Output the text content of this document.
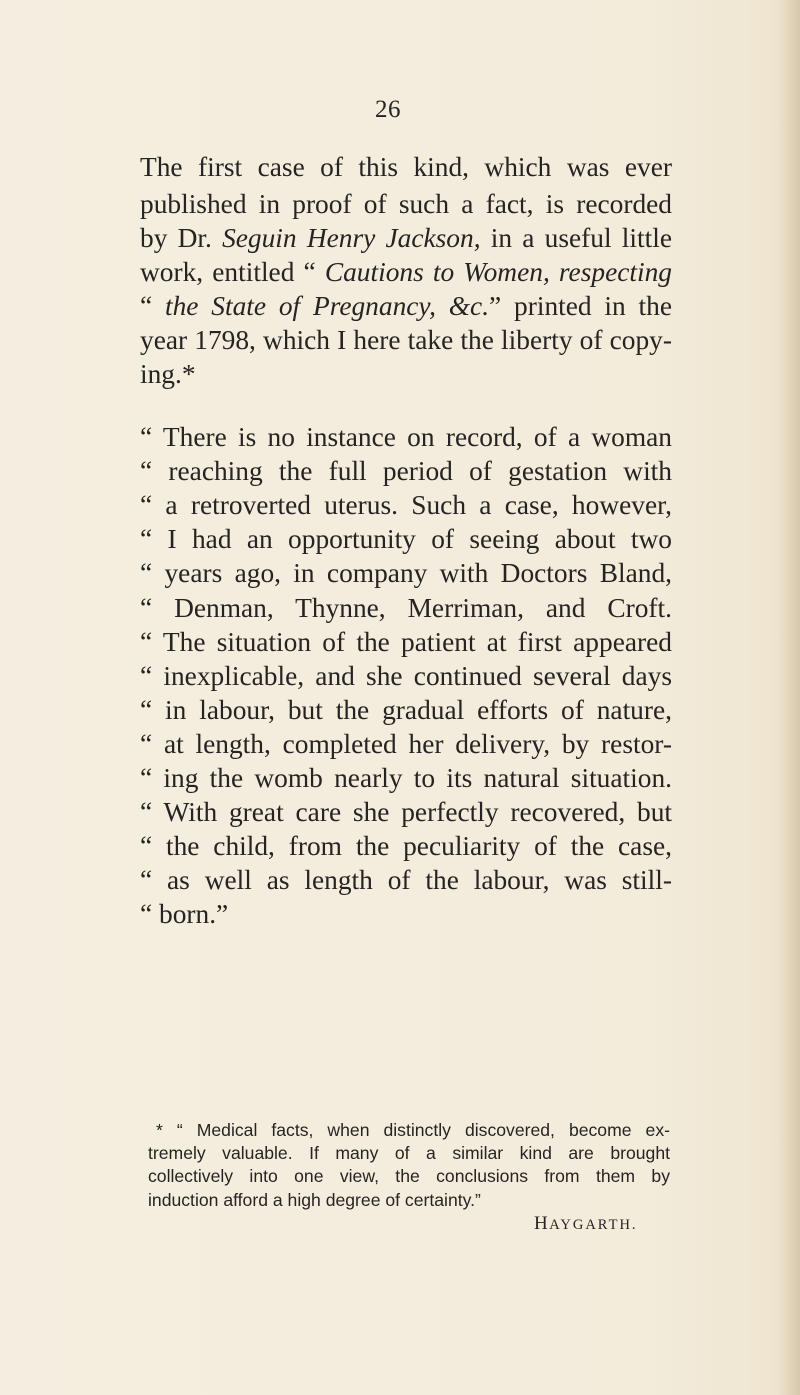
26
The first case of this kind, which was ever
published in proof of such a fact, is recorded
by Dr. Seguin Henry Jackson, in a useful little
work, entitled “ Cautions to Women, respecting
“ the State of Pregnancy, &c.” printed in the
year 1798, which I here take the liberty of copy-
ing.*
“ There is no instance on record, of a woman
“ reaching the full period of gestation with
“ a retroverted uterus. Such a case, however,
“ I had an opportunity of seeing about two
“ years ago, in company with Doctors Bland,
“ Denman, Thynne, Merriman, and Croft.
“ The situation of the patient at first appeared
“ inexplicable, and she continued several days
“ in labour, but the gradual efforts of nature,
“ at length, completed her delivery, by restor-
“ ing the womb nearly to its natural situation.
“ With great care she perfectly recovered, but
“ the child, from the peculiarity of the case,
“ as well as length of the labour, was still-
“ born.”
* “ Medical facts, when distinctly discovered, become ex-
tremely valuable. If many of a similar kind are brought
collectively into one view, the conclusions from them by
induction afford a high degree of certainty.”
HAYGARTH.
